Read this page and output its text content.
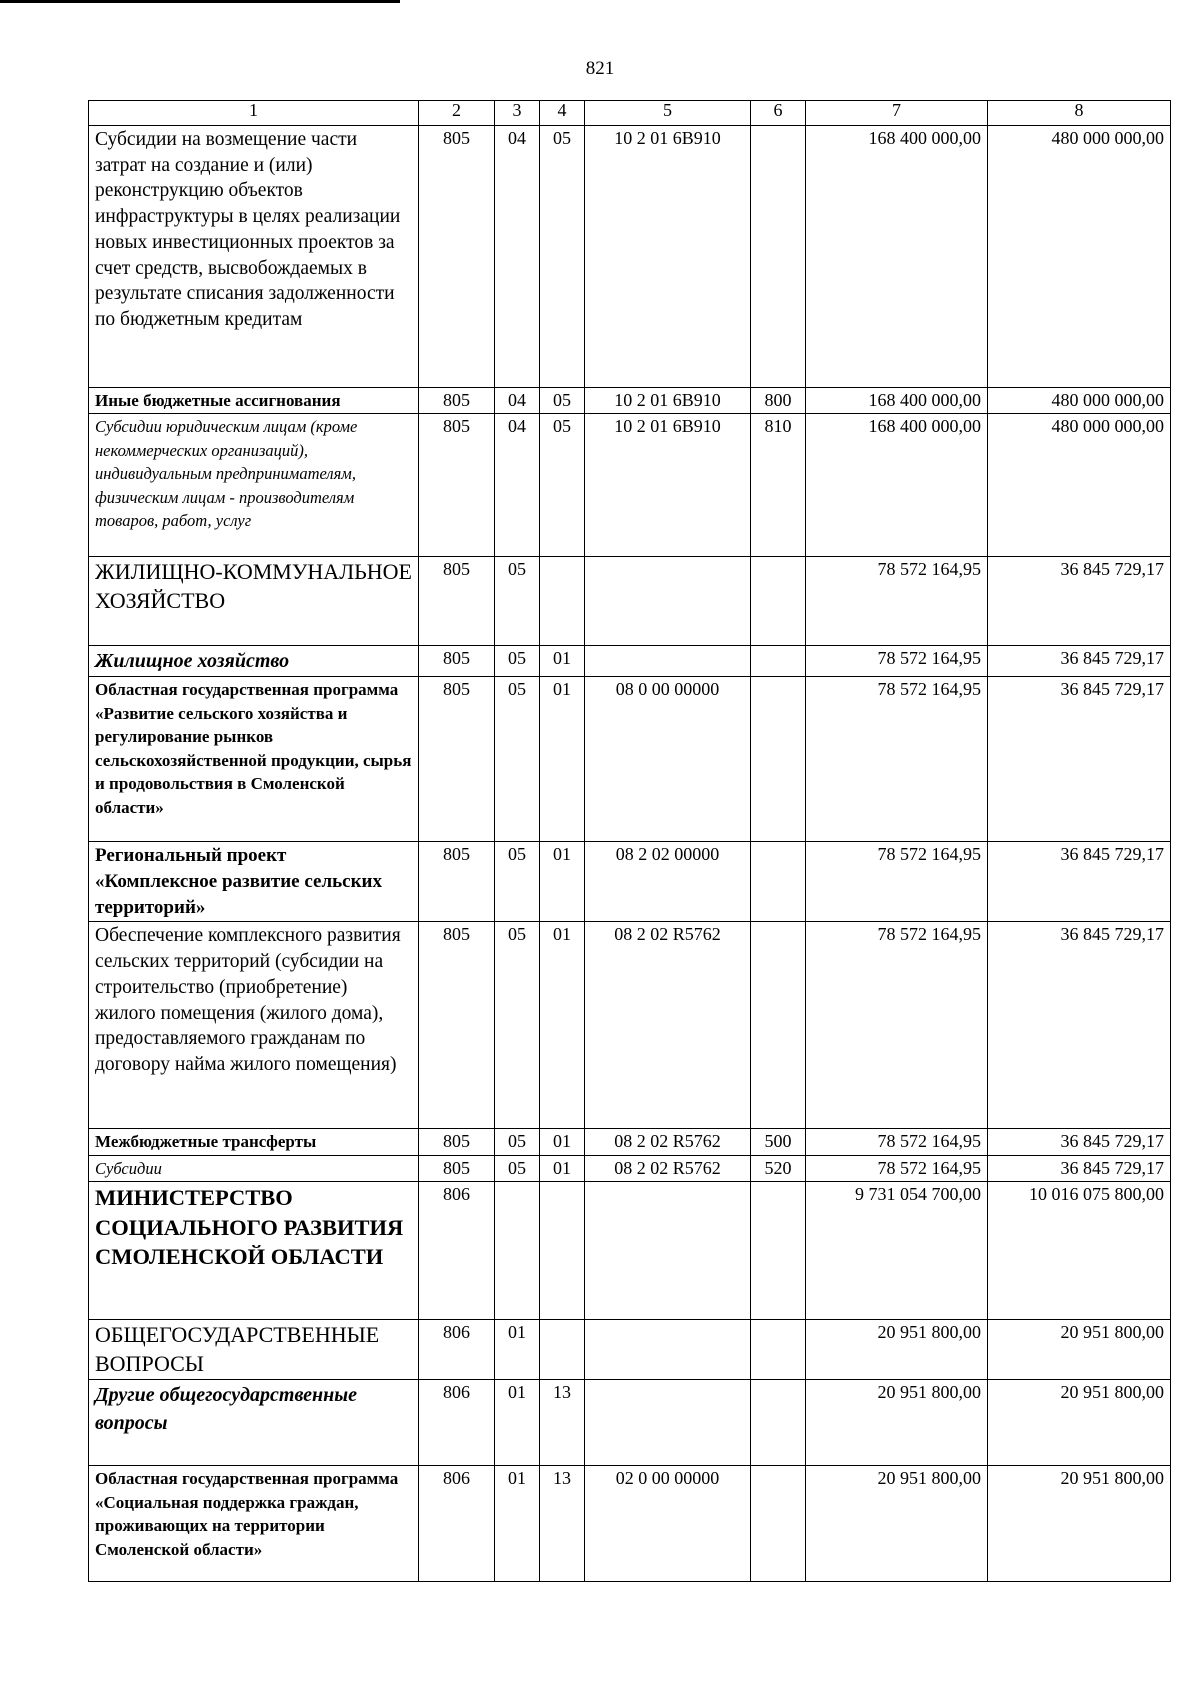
821
1	2	3	4	5	6	7	8
Субсидии на возмещение части затрат на создание и (или) реконструкцию объектов инфраструктуры в целях реализации новых инвестиционных проектов за счет средств, высвобождаемых в результате списания задолженности по бюджетным кредитам	805	04	05	10 2 01 6В910		168 400 000,00	480 000 000,00
Иные бюджетные ассигнования	805	04	05	10 2 01 6В910	800	168 400 000,00	480 000 000,00
Субсидии юридическим лицам (кроме некоммерческих организаций), индивидуальным предпринимателям, физическим лицам - производителям товаров, работ, услуг	805	04	05	10 2 01 6В910	810	168 400 000,00	480 000 000,00
ЖИЛИЩНО-КОММУНАЛЬНОЕ ХОЗЯЙСТВО	805	05				78 572 164,95	36 845 729,17
Жилищное хозяйство	805	05	01			78 572 164,95	36 845 729,17
Областная государственная программа «Развитие сельского хозяйства и регулирование рынков сельскохозяйственной продукции, сырья и продовольствия в Смоленской области»	805	05	01	08 0 00 00000		78 572 164,95	36 845 729,17
Региональный проект «Комплексное развитие сельских территорий»	805	05	01	08 2 02 00000		78 572 164,95	36 845 729,17
Обеспечение комплексного развития сельских территорий (субсидии на строительство (приобретение) жилого помещения (жилого дома), предоставляемого гражданам по договору найма жилого помещения)	805	05	01	08 2 02 R5762		78 572 164,95	36 845 729,17
Межбюджетные трансферты	805	05	01	08 2 02 R5762	500	78 572 164,95	36 845 729,17
Субсидии	805	05	01	08 2 02 R5762	520	78 572 164,95	36 845 729,17
МИНИСТЕРСТВО СОЦИАЛЬНОГО РАЗВИТИЯ СМОЛЕНСКОЙ ОБЛАСТИ	806					9 731 054 700,00	10 016 075 800,00
ОБЩЕГОСУДАРСТВЕННЫЕ ВОПРОСЫ	806	01				20 951 800,00	20 951 800,00
Другие общегосударственные вопросы	806	01	13			20 951 800,00	20 951 800,00
Областная государственная программа «Социальная поддержка граждан, проживающих на территории Смоленской области»	806	01	13	02 0 00 00000		20 951 800,00	20 951 800,00
